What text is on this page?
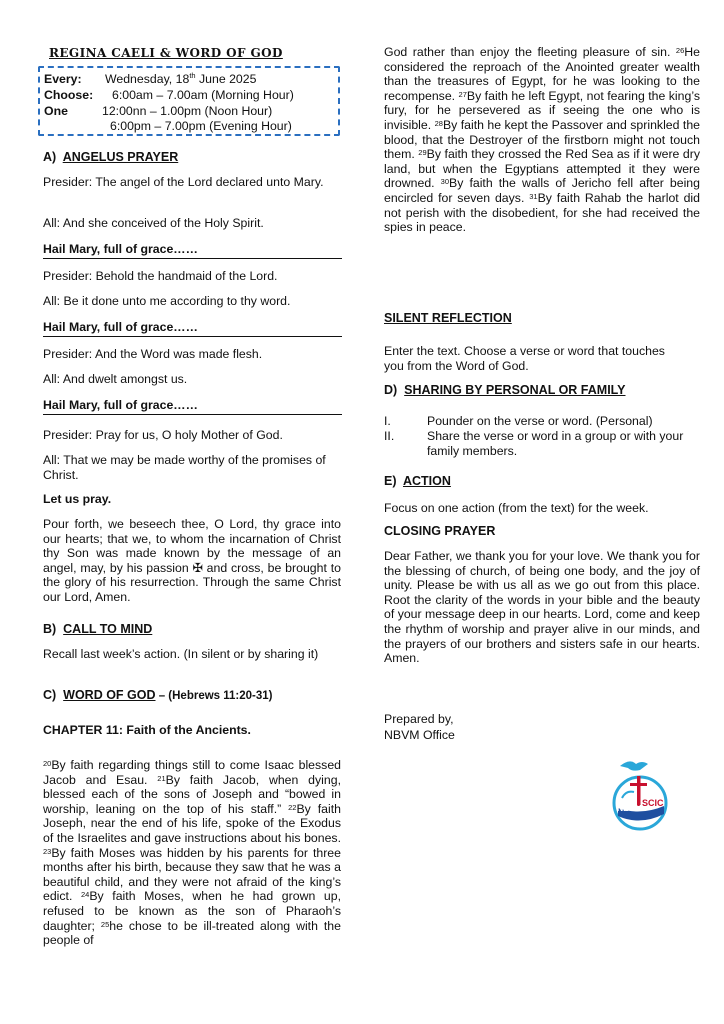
REGINA CAELI & WORD OF GOD
Every: Wednesday, 18th June 2025
Choose: 6:00am – 7.00am (Morning Hour)
One	12:00nn – 1.00pm (Noon Hour)
6:00pm – 7.00pm (Evening Hour)
A) ANGELUS PRAYER

Presider: The angel of the Lord declared unto Mary.

All: And she conceived of the Holy Spirit.

Hail Mary, full of grace……

Presider: Behold the handmaid of the Lord.

All: Be it done unto me according to thy word.

Hail Mary, full of grace……

Presider: And the Word was made flesh.

All: And dwelt amongst us.

Hail Mary, full of grace……

Presider: Pray for us, O holy Mother of God.

All: That we may be made worthy of the promises of Christ.

Let us pray.

Pour forth, we beseech thee, O Lord, thy grace into our hearts; that we, to whom the incarnation of Christ thy Son was made known by the message of an angel, may, by his passion ✠ and cross, be brought to the glory of his resurrection. Through the same Christ our Lord, Amen.

B) CALL TO MIND

Recall last week’s action. (In silent or by sharing it)

C) WORD OF GOD – (Hebrews 11:20-31)

CHAPTER 11: Faith of the Ancients.

$^{20}$By faith regarding things still to come Isaac blessed Jacob and Esau. $^{21}$By faith Jacob, when dying, blessed each of the sons of Joseph and “bowed in worship, leaning on the top of his staff.” $^{22}$By faith Joseph, near the end of his life, spoke of the Exodus of the Israelites and gave instructions about his bones. $^{23}$By faith Moses was hidden by his parents for three months after his birth, because they saw that he was a beautiful child, and they were not afraid of the king’s edict. $^{24}$By faith Moses, when he had grown up, refused to be known as the son of Pharaoh’s daughter; $^{25}$he chose to be ill-treated along with the people of

God rather than enjoy the fleeting pleasure of sin. $^{26}$He considered the reproach of the Anointed greater wealth than the treasures of Egypt, for he was looking to the recompense. $^{27}$By faith he left Egypt, not fearing the king’s fury, for he persevered as if seeing the one who is invisible. $^{28}$By faith he kept the Passover and sprinkled the blood, that the Destroyer of the firstborn might not touch them. $^{29}$By faith they crossed the Red Sea as if it were dry land, but when the Egyptians attempted it they were drowned. $^{30}$By faith the walls of Jericho fell after being encircled for seven days. $^{31}$By faith Rahab the harlot did not perish with the disobedient, for she had received the spies in peace.

SILENT REFLECTION

Enter the text. Choose a verse or word that touches you from the Word of God.

D) SHARING BY PERSONAL OR FAMILY
I.	Pounder on the verse or word. (Personal)
II.	Share the verse or word in a group or with your family members.
E) ACTION

Focus on one action (from the text) for the week.

CLOSING PRAYER

Dear Father, we thank you for your love. We thank you for the blessing of church, of being one body, and the joy of unity. Please be with us all as we go out from this place. Root the clarity of the words in your bible and the beauty of your message deep in our hearts. Lord, come and keep the rhythm of worship and prayer alive in our minds, and the prayers of our brothers and sisters safe in our hearts. Amen.

Prepared by,

NBVM Office

NBVM SCIC
